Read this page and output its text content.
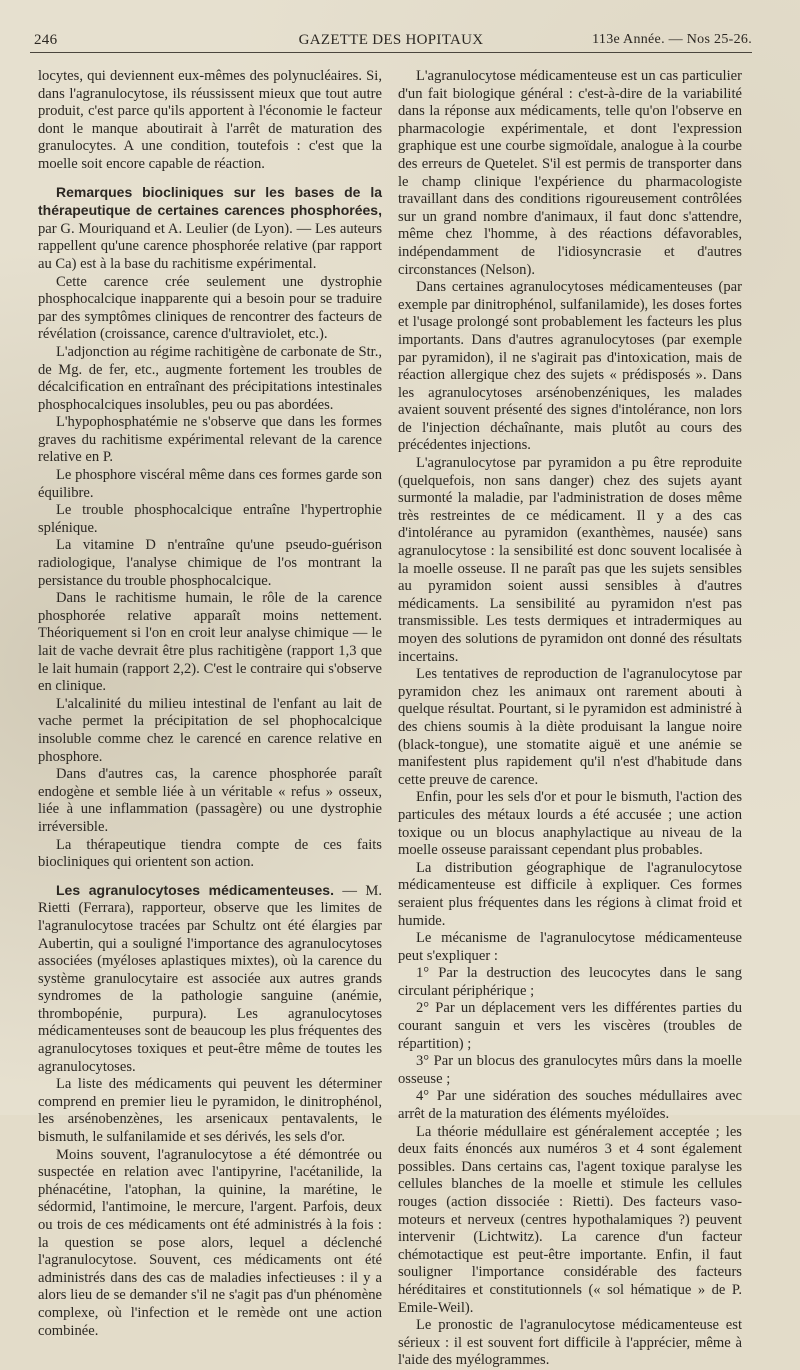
246	GAZETTE DES HOPITAUX	113e Année. — Nos 25-26.

locytes, qui deviennent eux-mêmes des polynucléaires. Si, dans l'agranulocytose, ils réussissent mieux que tout autre produit, c'est parce qu'ils apportent à l'économie le facteur dont le manque aboutirait à l'arrêt de maturation des granulocytes. A une condition, toutefois : c'est que la moelle soit encore capable de réaction.

Remarques biocliniques sur les bases de la thérapeutique de certaines carences phosphorées, par G. Mouriquand et A. Leulier (de Lyon). — Les auteurs rappellent qu'une carence phosphorée relative (par rapport au Ca) est à la base du rachitisme expérimental.

Cette carence crée seulement une dystrophie phosphocalcique inapparente qui a besoin pour se traduire par des symptômes cliniques de rencontrer des facteurs de révélation (croissance, carence d'ultraviolet, etc.).

L'adjonction au régime rachitigène de carbonate de Str., de Mg. de fer, etc., augmente fortement les troubles de décalcification en entraînant des précipitations intestinales phosphocalciques insolubles, peu ou pas abordées.

L'hypophosphatémie ne s'observe que dans les formes graves du rachitisme expérimental relevant de la carence relative en P.

Le phosphore viscéral même dans ces formes garde son équilibre.

Le trouble phosphocalcique entraîne l'hypertrophie splénique.

La vitamine D n'entraîne qu'une pseudo-guérison radiologique, l'analyse chimique de l'os montrant la persistance du trouble phosphocalcique.

Dans le rachitisme humain, le rôle de la carence phosphorée relative apparaît moins nettement. Théoriquement si l'on en croit leur analyse chimique — le lait de vache devrait être plus rachitigène (rapport 1,3 que le lait humain (rapport 2,2). C'est le contraire qui s'observe en clinique.

L'alcalinité du milieu intestinal de l'enfant au lait de vache permet la précipitation de sel phophocalcique insoluble comme chez le carencé en carence relative en phosphore.

Dans d'autres cas, la carence phosphorée paraît endogène et semble liée à un véritable « refus » osseux, liée à une inflammation (passagère) ou une dystrophie irréversible.

La thérapeutique tiendra compte de ces faits biocliniques qui orientent son action.

Les agranulocytoses médicamenteuses. — M. Rietti (Ferrara), rapporteur, observe que les limites de l'agranulocytose tracées par Schultz ont été élargies par Aubertin, qui a souligné l'importance des agranulocytoses associées (myéloses aplastiques mixtes), où la carence du système granulocytaire est associée aux autres grands syndromes de la pathologie sanguine (anémie, thrombopénie, purpura). Les agranulocytoses médicamenteuses sont de beaucoup les plus fréquentes des agranulocytoses toxiques et peut-être même de toutes les agranulocytoses.

La liste des médicaments qui peuvent les déterminer comprend en premier lieu le pyramidon, le dinitrophénol, les arsénobenzènes, les arsenicaux pentavalents, le bismuth, le sulfanilamide et ses dérivés, les sels d'or.

Moins souvent, l'agranulocytose a été démontrée ou suspectée en relation avec l'antipyrine, l'acétanilide, la phénacétine, l'atophan, la quinine, la marétine, le sédormid, l'antimoine, le mercure, l'argent. Parfois, deux ou trois de ces médicaments ont été administrés à la fois : la question se pose alors, lequel a déclenché l'agranulocytose. Souvent, ces médicaments ont été administrés dans des cas de maladies infectieuses : il y a alors lieu de se demander s'il ne s'agit pas d'un phénomène complexe, où l'infection et le remède ont une action combinée.

L'agranulocytose médicamenteuse est un cas particulier d'un fait biologique général : c'est-à-dire de la variabilité dans la réponse aux médicaments, telle qu'on l'observe en pharmacologie expérimentale, et dont l'expression graphique est une courbe sigmoïdale, analogue à la courbe des erreurs de Quetelet. S'il est permis de transporter dans le champ clinique l'expérience du pharmacologiste travaillant dans des conditions rigoureusement contrôlées sur un grand nombre d'animaux, il faut donc s'attendre, même chez l'homme, à des réactions défavorables, indépendamment de l'idiosyncrasie et d'autres circonstances (Nelson).

Dans certaines agranulocytoses médicamenteuses (par exemple par dinitrophénol, sulfanilamide), les doses fortes et l'usage prolongé sont probablement les facteurs les plus importants. Dans d'autres agranulocytoses (par exemple par pyramidon), il ne s'agirait pas d'intoxication, mais de réaction allergique chez des sujets « prédisposés ». Dans les agranulocytoses arsénobenzéniques, les malades avaient souvent présenté des signes d'intolérance, non lors de l'injection déchaînante, mais plutôt au cours des précédentes injections.

L'agranulocytose par pyramidon a pu être reproduite (quelquefois, non sans danger) chez des sujets ayant surmonté la maladie, par l'administration de doses même très restreintes de ce médicament. Il y a des cas d'intolérance au pyramidon (exanthèmes, nausée) sans agranulocytose : la sensibilité est donc souvent localisée à la moelle osseuse. Il ne paraît pas que les sujets sensibles au pyramidon soient aussi sensibles à d'autres médicaments. La sensibilité au pyramidon n'est pas transmissible. Les tests dermiques et intradermiques au moyen des solutions de pyramidon ont donné des résultats incertains.

Les tentatives de reproduction de l'agranulocytose par pyramidon chez les animaux ont rarement abouti à quelque résultat. Pourtant, si le pyramidon est administré à des chiens soumis à la diète produisant la langue noire (black-tongue), une stomatite aiguë et une anémie se manifestent plus rapidement qu'il n'est d'habitude dans cette preuve de carence.

Enfin, pour les sels d'or et pour le bismuth, l'action des particules des métaux lourds a été accusée ; une action toxique ou un blocus anaphylactique au niveau de la moelle osseuse paraissant cependant plus probables.

La distribution géographique de l'agranulocytose médicamenteuse est difficile à expliquer. Ces formes seraient plus fréquentes dans les régions à climat froid et humide.

Le mécanisme de l'agranulocytose médicamenteuse peut s'expliquer :

1° Par la destruction des leucocytes dans le sang circulant périphérique ;

2° Par un déplacement vers les différentes parties du courant sanguin et vers les viscères (troubles de répartition) ;

3° Par un blocus des granulocytes mûrs dans la moelle osseuse ;

4° Par une sidération des souches médullaires avec arrêt de la maturation des éléments myéloïdes.

La théorie médullaire est généralement acceptée ; les deux faits énoncés aux numéros 3 et 4 sont également possibles. Dans certains cas, l'agent toxique paralyse les cellules blanches de la moelle et stimule les cellules rouges (action dissociée : Rietti). Des facteurs vaso-moteurs et nerveux (centres hypothalamiques ?) peuvent intervenir (Lichtwitz). La carence d'un facteur chémotactique est peut-être importante. Enfin, il faut souligner l'importance considérable des facteurs héréditaires et constitutionnels (« sol hématique » de P. Emile-Weil).

Le pronostic de l'agranulocytose médicamenteuse est sérieux : il est souvent fort difficile à l'apprécier, même à l'aide des myélogrammes.
